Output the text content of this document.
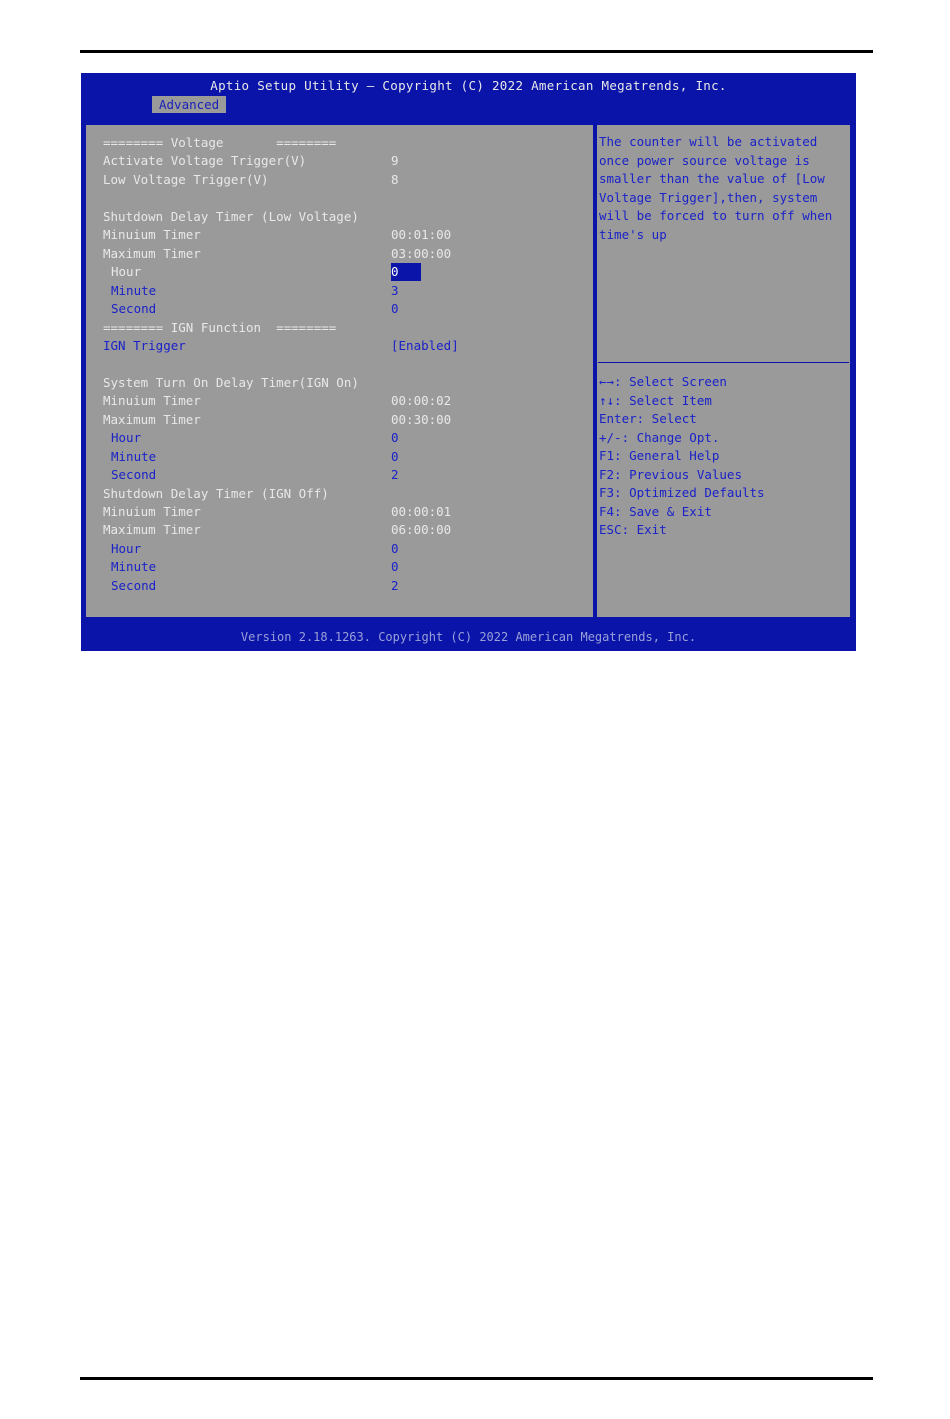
Aptio Setup Utility – Copyright (C) 2022 American Megatrends, Inc.
Advanced
======== Voltage       ========
Activate Voltage Trigger(V)	9
Low Voltage Trigger(V)	8
Shutdown Delay Timer (Low Voltage)
Minuium Timer	00:01:00
Maximum Timer	03:00:00
Hour	0
Minute	3
Second	0
======== IGN Function  ========
IGN Trigger	[Enabled]
System Turn On Delay Timer(IGN On)
Minuium Timer	00:00:02
Maximum Timer	00:30:00
Hour	0
Minute	0
Second	2
Shutdown Delay Timer (IGN Off)
Minuium Timer	00:00:01
Maximum Timer	06:00:00
Hour	0
Minute	0
Second	2
The counter will be activated once power source voltage is smaller than the value of [Low Voltage Trigger],then, system will be forced to turn off when time's up
←→: Select Screen
↑↓: Select Item
Enter: Select
+/-: Change Opt.
F1: General Help
F2: Previous Values
F3: Optimized Defaults
F4: Save & Exit
ESC: Exit
Version 2.18.1263. Copyright (C) 2022 American Megatrends, Inc.
